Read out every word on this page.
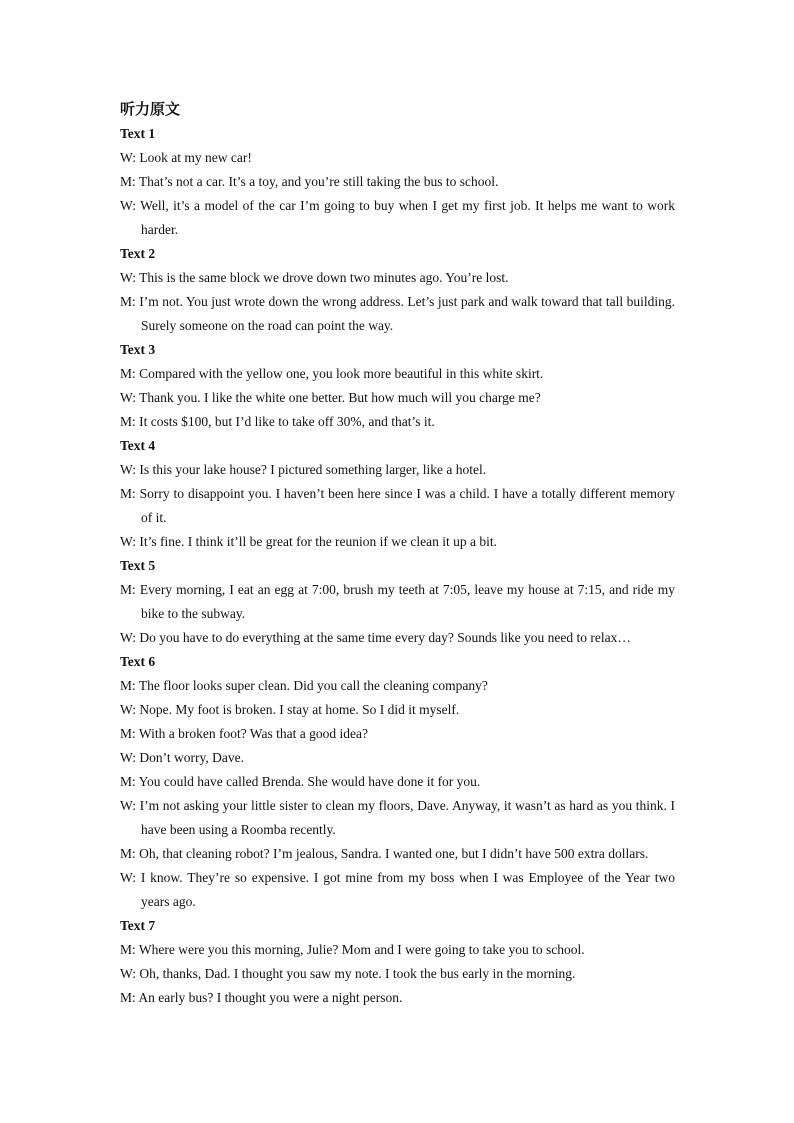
听力原文
Text 1
W: Look at my new car!
M: That’s not a car. It’s a toy, and you’re still taking the bus to school.
W: Well, it’s a model of the car I’m going to buy when I get my first job. It helps me want to work harder.
Text 2
W: This is the same block we drove down two minutes ago. You’re lost.
M: I’m not. You just wrote down the wrong address. Let’s just park and walk toward that tall building. Surely someone on the road can point the way.
Text 3
M: Compared with the yellow one, you look more beautiful in this white skirt.
W: Thank you. I like the white one better. But how much will you charge me?
M: It costs $100, but I’d like to take off 30%, and that’s it.
Text 4
W: Is this your lake house? I pictured something larger, like a hotel.
M: Sorry to disappoint you. I haven’t been here since I was a child. I have a totally different memory of it.
W: It’s fine. I think it’ll be great for the reunion if we clean it up a bit.
Text 5
M: Every morning, I eat an egg at 7:00, brush my teeth at 7:05, leave my house at 7:15, and ride my bike to the subway.
W: Do you have to do everything at the same time every day? Sounds like you need to relax…
Text 6
M: The floor looks super clean. Did you call the cleaning company?
W: Nope. My foot is broken. I stay at home. So I did it myself.
M: With a broken foot? Was that a good idea?
W: Don’t worry, Dave.
M: You could have called Brenda. She would have done it for you.
W: I’m not asking your little sister to clean my floors, Dave. Anyway, it wasn’t as hard as you think. I have been using a Roomba recently.
M: Oh, that cleaning robot? I’m jealous, Sandra. I wanted one, but I didn’t have 500 extra dollars.
W: I know. They’re so expensive. I got mine from my boss when I was Employee of the Year two years ago.
Text 7
M: Where were you this morning, Julie? Mom and I were going to take you to school.
W: Oh, thanks, Dad. I thought you saw my note. I took the bus early in the morning.
M: An early bus? I thought you were a night person.
